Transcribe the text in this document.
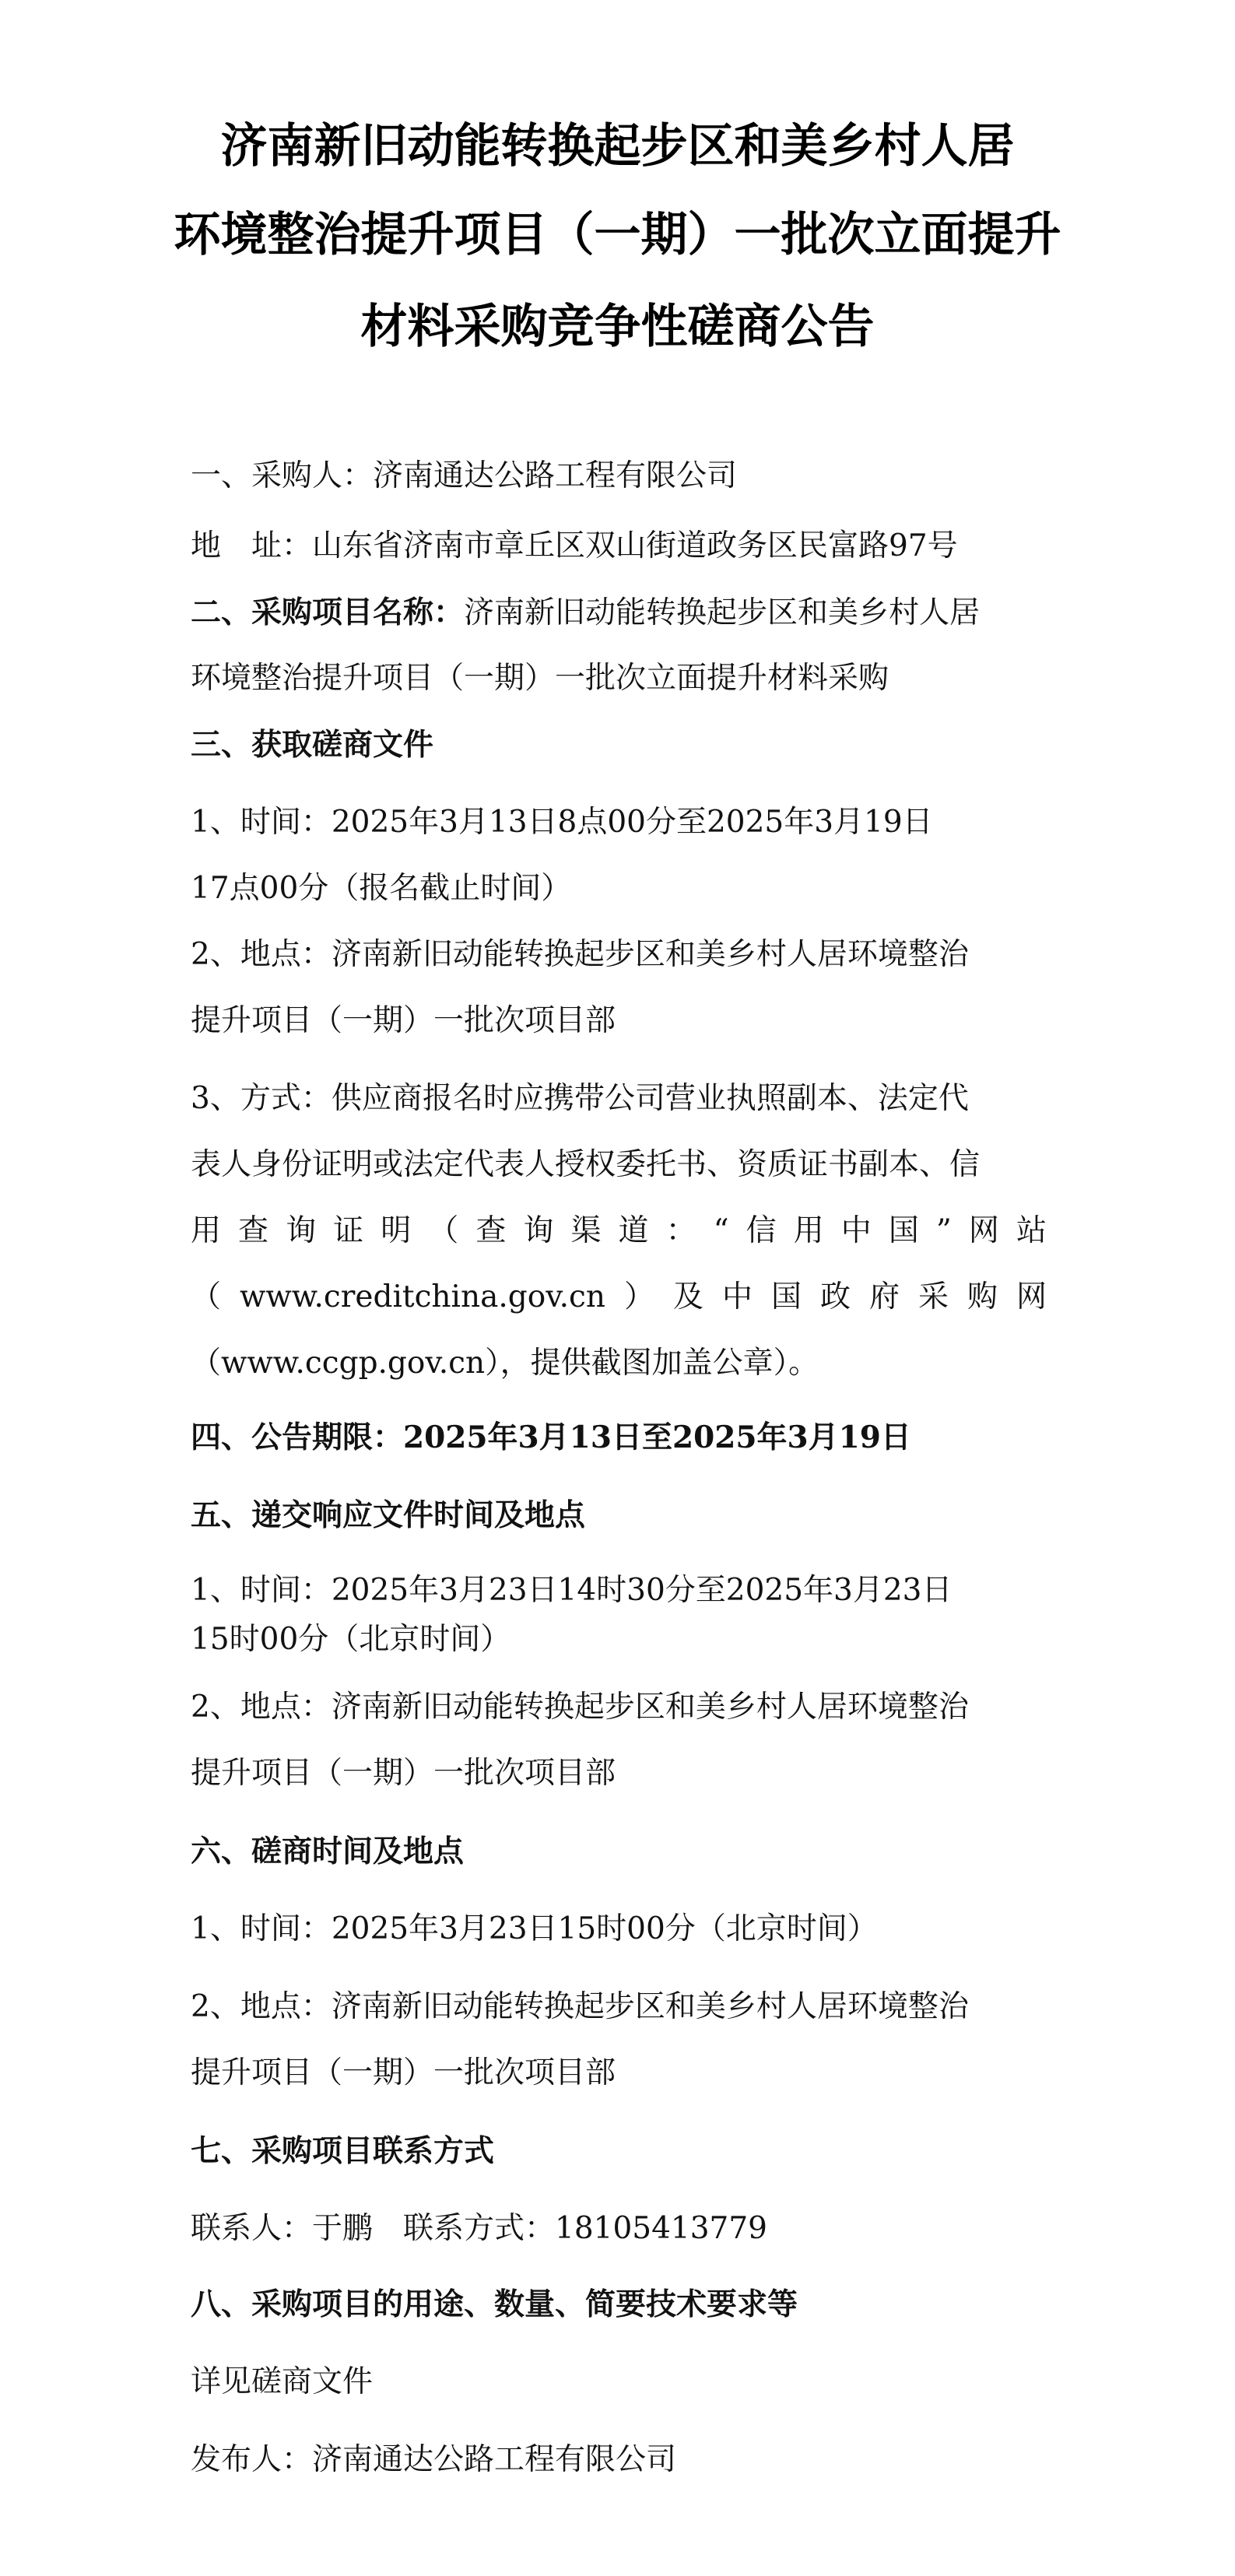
济南新旧动能转换起步区和美乡村人居
环境整治提升项目（一期）一批次立面提升
材料采购竞争性磋商公告
一、采购人：济南通达公路工程有限公司
地　址：山东省济南市章丘区双山街道政务区民富路97号
二、采购项目名称：济南新旧动能转换起步区和美乡村人居
环境整治提升项目（一期）一批次立面提升材料采购
三、获取磋商文件
1、时间：2025年3月13日8点00分至2025年3月19日
17点00分（报名截止时间）
2、地点：济南新旧动能转换起步区和美乡村人居环境整治
提升项目（一期）一批次项目部
3、方式：供应商报名时应携带公司营业执照副本、法定代
表人身份证明或法定代表人授权委托书、资质证书副本、信
用查询证明（查询渠道：“信用中国”网站
（www.creditchina.gov.cn）及中国政府采购网
（www.ccgp.gov.cn），提供截图加盖公章）。
四、公告期限：2025年3月13日至2025年3月19日
五、递交响应文件时间及地点
1、时间：2025年3月23日14时30分至2025年3月23日
15时00分（北京时间）
2、地点：济南新旧动能转换起步区和美乡村人居环境整治
提升项目（一期）一批次项目部
六、磋商时间及地点
1、时间：2025年3月23日15时00分（北京时间）
2、地点：济南新旧动能转换起步区和美乡村人居环境整治
提升项目（一期）一批次项目部
七、采购项目联系方式
联系人：于鹏　联系方式：18105413779
八、采购项目的用途、数量、简要技术要求等
详见磋商文件
发布人：济南通达公路工程有限公司
